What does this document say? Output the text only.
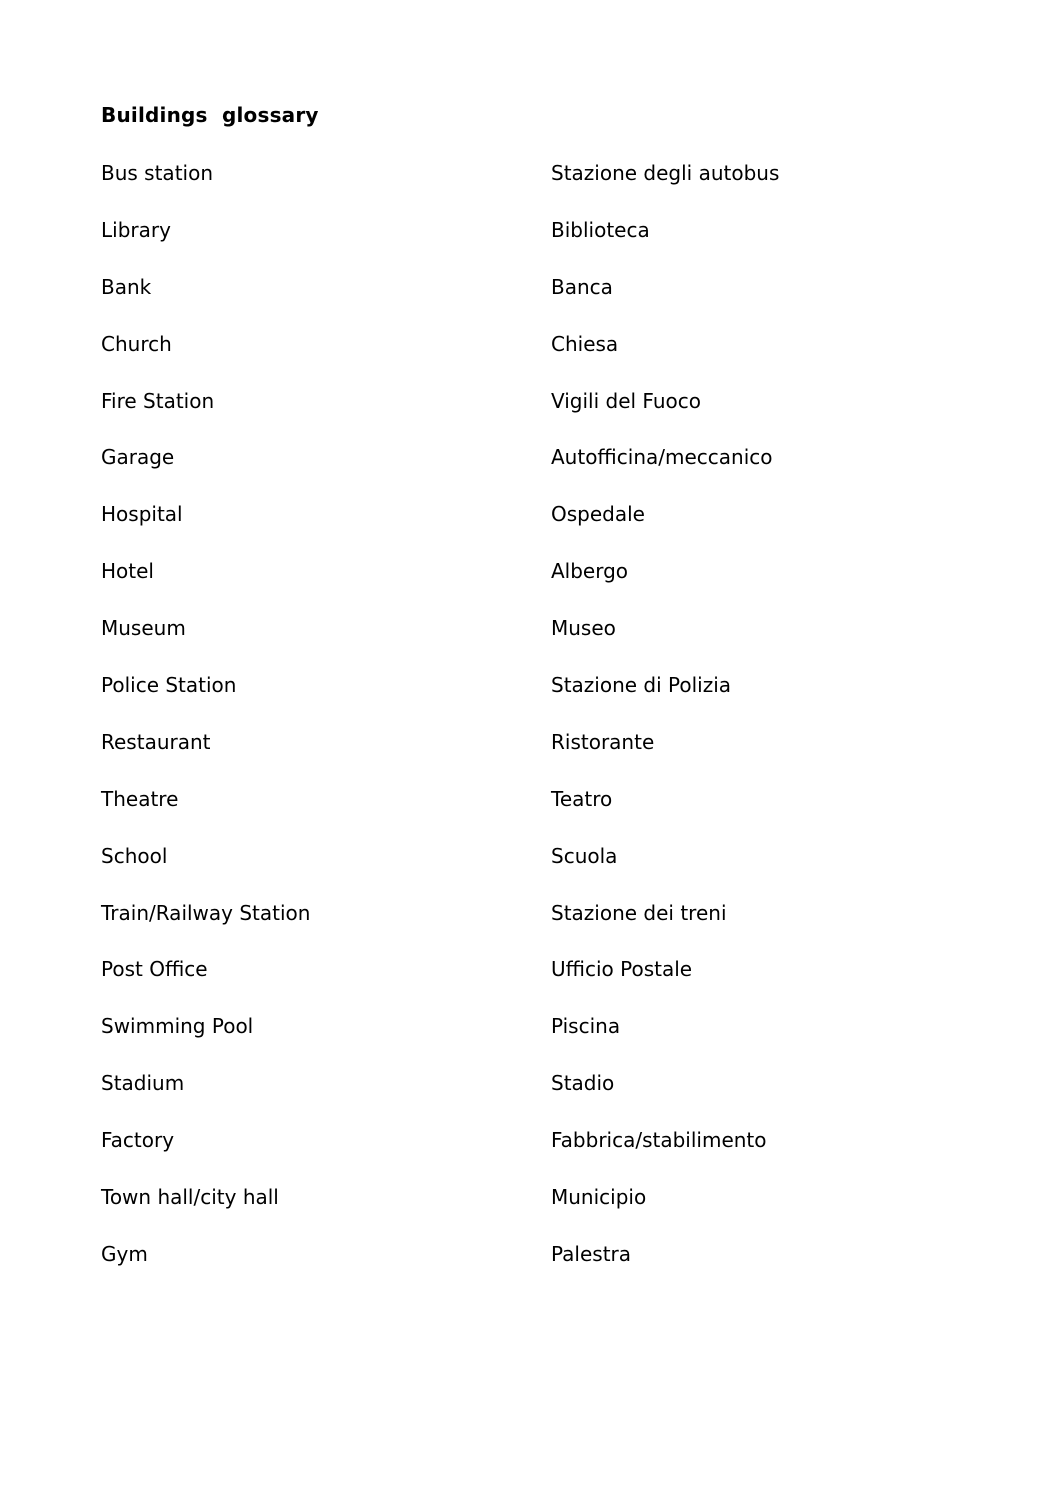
Buildings  glossary
Bus station	Stazione degli autobus
Library	Biblioteca
Bank	Banca
Church	Chiesa
Fire Station	Vigili del Fuoco
Garage	Autofficina/meccanico
Hospital	Ospedale
Hotel	Albergo
Museum	Museo
Police Station	Stazione di Polizia
Restaurant	Ristorante
Theatre	Teatro
School	Scuola
Train/Railway Station	Stazione dei treni
Post Office	Ufficio Postale
Swimming Pool	Piscina
Stadium	Stadio
Factory	Fabbrica/stabilimento
Town hall/city hall	Municipio
Gym	Palestra
